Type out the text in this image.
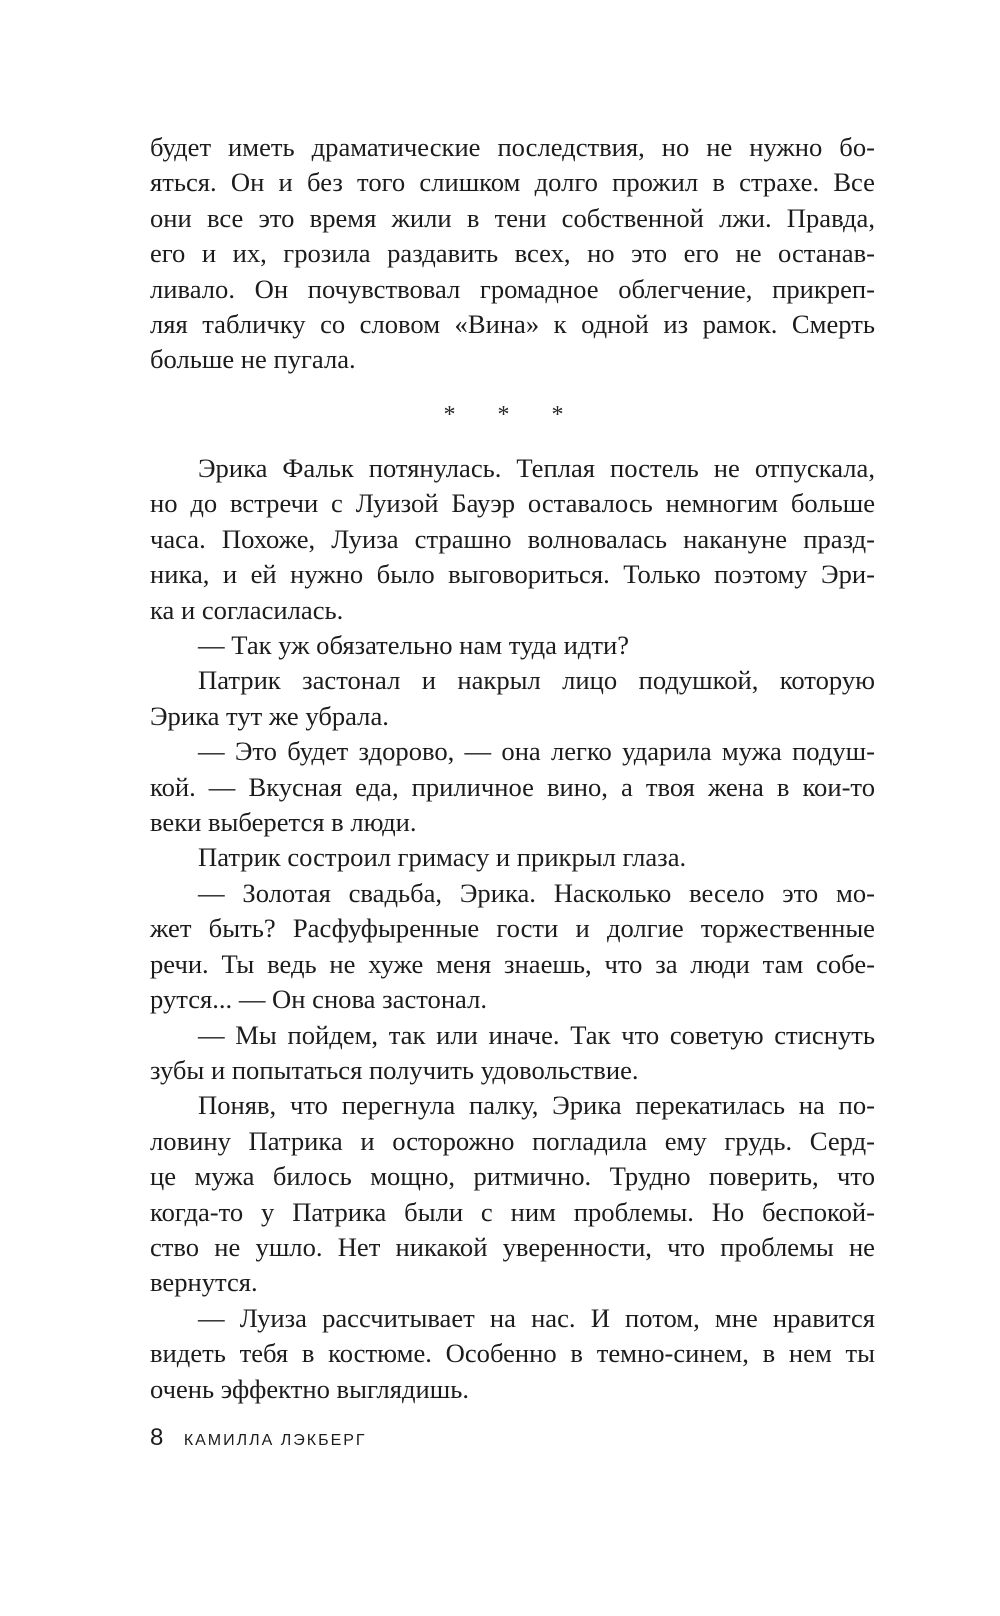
будет иметь драматические последствия, но не нужно бо-
яться. Он и без того слишком долго прожил в страхе. Все
они все это время жили в тени собственной лжи. Правда,
его и их, грозила раздавить всех, но это его не останав-
ливало. Он почувствовал громадное облегчение, прикреп-
ляя табличку со словом «Вина» к одной из рамок. Смерть
больше не пугала.
* * *
Эрика Фальк потянулась. Теплая постель не отпускала,
но до встречи с Луизой Бауэр оставалось немногим больше
часа. Похоже, Луиза страшно волновалась накануне празд-
ника, и ей нужно было выговориться. Только поэтому Эри-
ка и согласилась.
— Так уж обязательно нам туда идти?
Патрик застонал и накрыл лицо подушкой, которую
Эрика тут же убрала.
— Это будет здорово, — она легко ударила мужа подуш-
кой. — Вкусная еда, приличное вино, а твоя жена в кои-то
веки выберется в люди.
Патрик состроил гримасу и прикрыл глаза.
— Золотая свадьба, Эрика. Насколько весело это мо-
жет быть? Расфуфыренные гости и долгие торжественные
речи. Ты ведь не хуже меня знаешь, что за люди там собе-
рутся... — Он снова застонал.
— Мы пойдем, так или иначе. Так что советую стиснуть
зубы и попытаться получить удовольствие.
Поняв, что перегнула палку, Эрика перекатилась на по-
ловину Патрика и осторожно погладила ему грудь. Серд-
це мужа билось мощно, ритмично. Трудно поверить, что
когда-то у Патрика были с ним проблемы. Но беспокой-
ство не ушло. Нет никакой уверенности, что проблемы не
вернутся.
— Луиза рассчитывает на нас. И потом, мне нравится
видеть тебя в костюме. Особенно в темно-синем, в нем ты
очень эффектно выглядишь.
8 КАМИЛЛА ЛЭКБЕРГ
